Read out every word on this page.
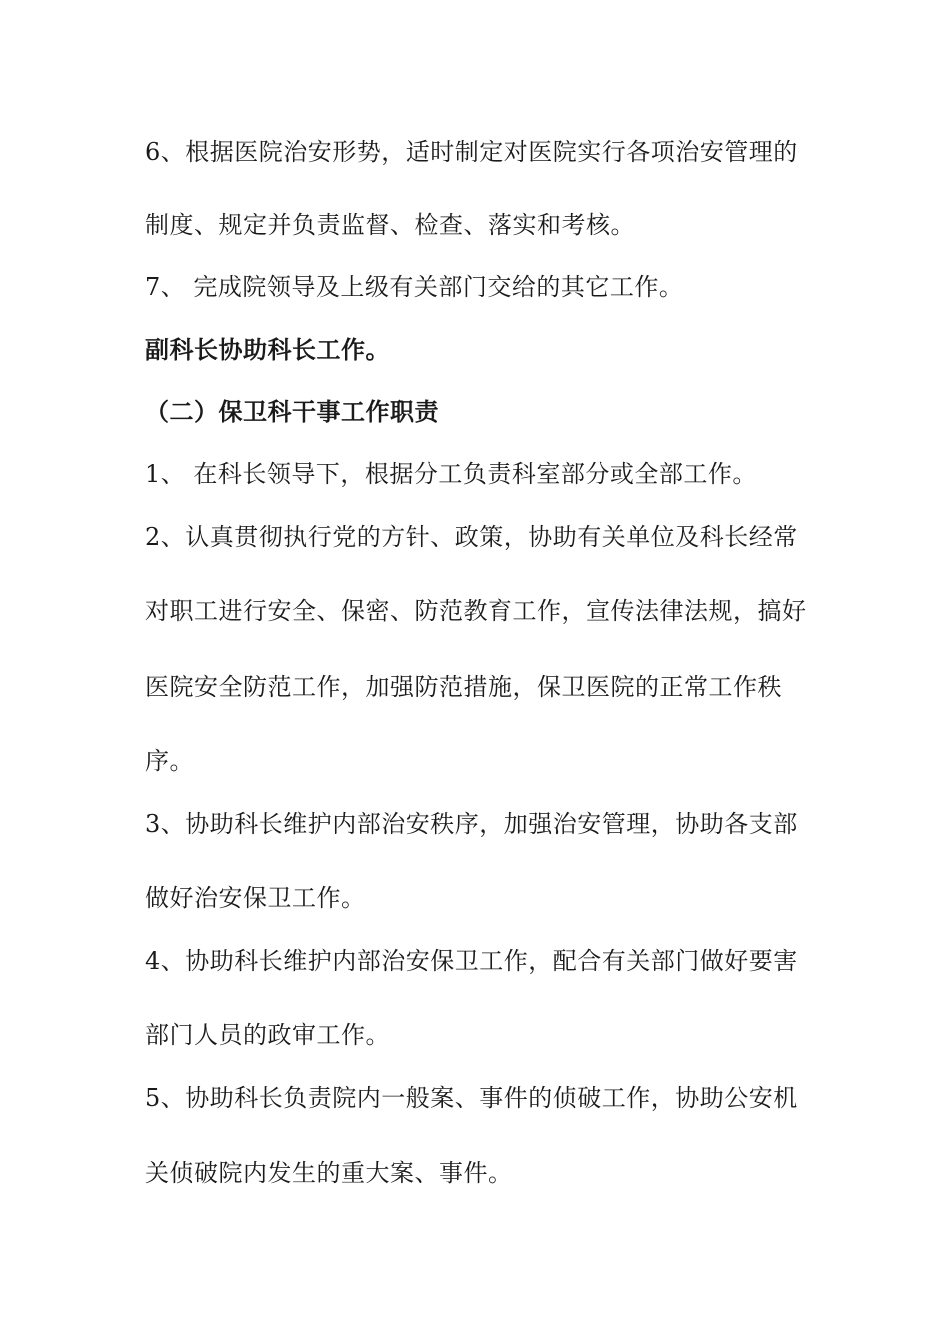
6、根据医院治安形势，适时制定对医院实行各项治安管理的
制度、规定并负责监督、检查、落实和考核。
7、 完成院领导及上级有关部门交给的其它工作。
副科长协助科长工作。
（二）保卫科干事工作职责
1、 在科长领导下，根据分工负责科室部分或全部工作。
2、认真贯彻执行党的方针、政策，协助有关单位及科长经常
对职工进行安全、保密、防范教育工作，宣传法律法规，搞好
医院安全防范工作，加强防范措施，保卫医院的正常工作秩
序。
3、协助科长维护内部治安秩序，加强治安管理，协助各支部
做好治安保卫工作。
4、协助科长维护内部治安保卫工作，配合有关部门做好要害
部门人员的政审工作。
5、协助科长负责院内一般案、事件的侦破工作，协助公安机
关侦破院内发生的重大案、事件。
